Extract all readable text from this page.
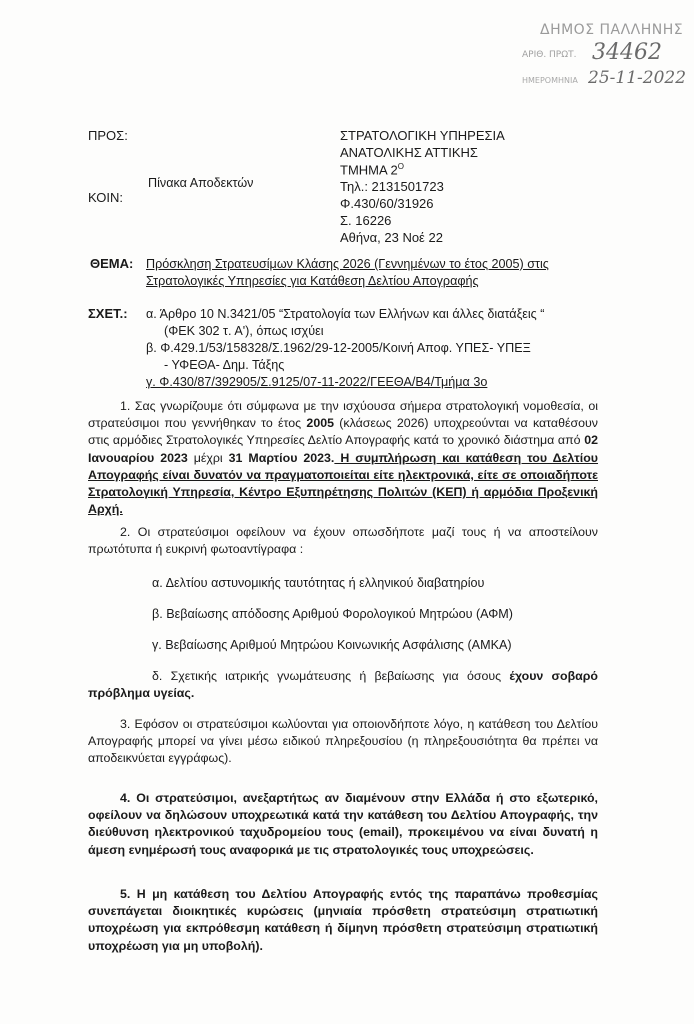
ΔΗΜΟΣ ΠΑΛΛΗΝΗΣ
ΑΡΙΘ. ΠΡΩΤ. 34462
ΗΜΕΡΟΜΗΝΙΑ 25-11-2022
ΠΡΟΣ:
ΚΟΙΝ:
Πίνακα Αποδεκτών
ΣΤΡΑΤΟΛΟΓΙΚΗ ΥΠΗΡΕΣΙΑ
ΑΝΑΤΟΛΙΚΗΣ ΑΤΤΙΚΗΣ
ΤΜΗΜΑ $2^O$
Τηλ.: 2131501723
Φ.430/60/31926
Σ. 16226
Αθήνα, 23 Νοέ 22
ΘΕΜΑ: Πρόσκληση Στρατευσίμων Κλάσης 2026 (Γεννημένων το έτος 2005) στις
Στρατολογικές Υπηρεσίες για Κατάθεση Δελτίου Απογραφής
ΣΧΕΤ.: α. Άρθρο 10 Ν.3421/05 “Στρατολογία των Ελλήνων και άλλες διατάξεις “
(ΦΕΚ 302 τ. Α'), όπως ισχύει
β. Φ.429.1/53/158328/Σ.1962/29-12-2005/Κοινή Αποφ. ΥΠΕΣ- ΥΠΕΞ
- ΥΦΕΘΑ- Δημ. Τάξης
γ. Φ.430/87/392905/Σ.9125/07-11-2022/ΓΕΕΘΑ/Β4/Τμήμα 3ο

1. Σας γνωρίζουμε ότι σύμφωνα με την ισχύουσα σήμερα στρατολογική νομοθεσία, οι στρατεύσιμοι που γεννήθηκαν το έτος 2005 (κλάσεως 2026) υποχρεούνται να καταθέσουν στις αρμόδιες Στρατολογικές Υπηρεσίες Δελτίο Απογραφής κατά το χρονικό διάστημα από 02 Ιανουαρίου 2023 μέχρι 31 Μαρτίου 2023. Η συμπλήρωση και κατάθεση του Δελτίου Απογραφής είναι δυνατόν να πραγματοποιείται είτε ηλεκτρονικά, είτε σε οποιαδήποτε Στρατολογική Υπηρεσία, Κέντρο Εξυπηρέτησης Πολιτών (ΚΕΠ) ή αρμόδια Προξενική Αρχή.

2. Οι στρατεύσιμοι οφείλουν να έχουν οπωσδήποτε μαζί τους ή να αποστείλουν πρωτότυπα ή ευκρινή φωτοαντίγραφα :

α. Δελτίου αστυνομικής ταυτότητας ή ελληνικού διαβατηρίου
β. Βεβαίωσης απόδοσης Αριθμού Φορολογικού Μητρώου (ΑΦΜ)
γ. Βεβαίωσης Αριθμού Μητρώου Κοινωνικής Ασφάλισης (ΑΜΚΑ)

δ. Σχετικής ιατρικής γνωμάτευσης ή βεβαίωσης για όσους έχουν σοβαρό πρόβλημα υγείας.

3. Εφόσον οι στρατεύσιμοι κωλύονται για οποιονδήποτε λόγο, η κατάθεση του Δελτίου Απογραφής μπορεί να γίνει μέσω ειδικού πληρεξουσίου (η πληρεξουσιότητα θα πρέπει να αποδεικνύεται εγγράφως).

4. Οι στρατεύσιμοι, ανεξαρτήτως αν διαμένουν στην Ελλάδα ή στο εξωτερικό, οφείλουν να δηλώσουν υποχρεωτικά κατά την κατάθεση του Δελτίου Απογραφής, την διεύθυνση ηλεκτρονικού ταχυδρομείου τους (email), προκειμένου να είναι δυνατή η άμεση ενημέρωσή τους αναφορικά με τις στρατολογικές τους υποχρεώσεις.

5. Η μη κατάθεση του Δελτίου Απογραφής εντός της παραπάνω προθεσμίας συνεπάγεται διοικητικές κυρώσεις (μηνιαία πρόσθετη στρατεύσιμη στρατιωτική υποχρέωση για εκπρόθεσμη κατάθεση ή δίμηνη πρόσθετη στρατεύσιμη στρατιωτική υποχρέωση για μη υποβολή).
